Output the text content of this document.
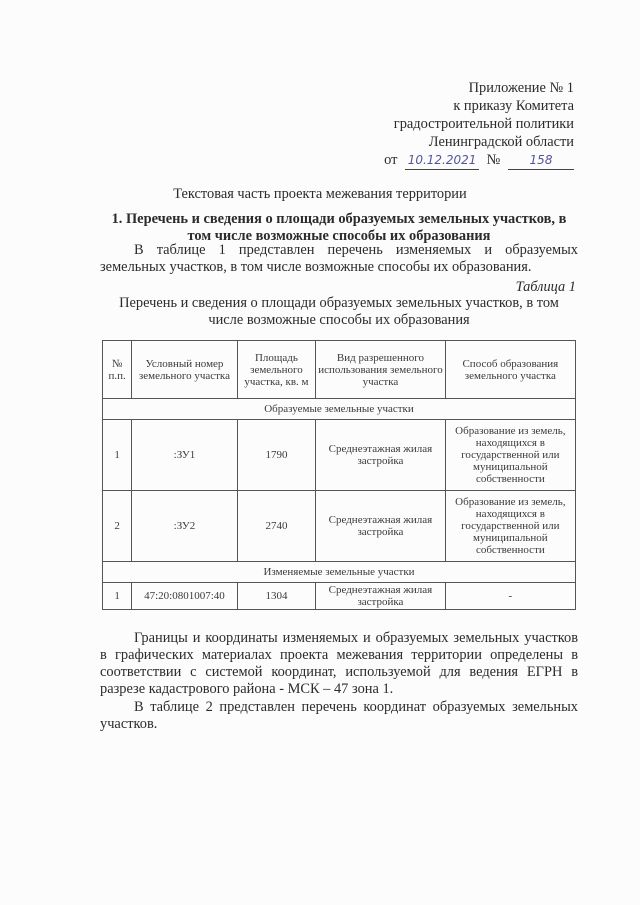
Приложение № 1
к приказу Комитета
градостроительной политики
Ленинградской области
от 10.12.2021 № 158
Текстовая часть проекта межевания территории
1. Перечень и сведения о площади образуемых земельных участков, в том числе возможные способы их образования
В таблице 1 представлен перечень изменяемых и образуемых земельных участков, в том числе возможные способы их образования.
Таблица 1
Перечень и сведения о площади образуемых земельных участков, в том числе возможные способы их образования
№ п.п.	Условный номер земельного участка	Площадь земельного участка, кв. м	Вид разрешенного использования земельного участка	Способ образования земельного участка
Образуемые земельные участки				
1	:ЗУ1	1790	Среднеэтажная жилая застройка	Образование из земель, находящихся в государственной или муниципальной собственности
2	:ЗУ2	2740	Среднеэтажная жилая застройка	Образование из земель, находящихся в государственной или муниципальной собственности
Изменяемые земельные участки				
1	47:20:0801007:40	1304	Среднеэтажная жилая застройка	-
Границы и координаты изменяемых и образуемых земельных участков в графических материалах проекта межевания территории определены в соответствии с системой координат, используемой для ведения ЕГРН в разрезе кадастрового района - МСК – 47 зона 1.
В таблице 2 представлен перечень координат образуемых земельных участков.
